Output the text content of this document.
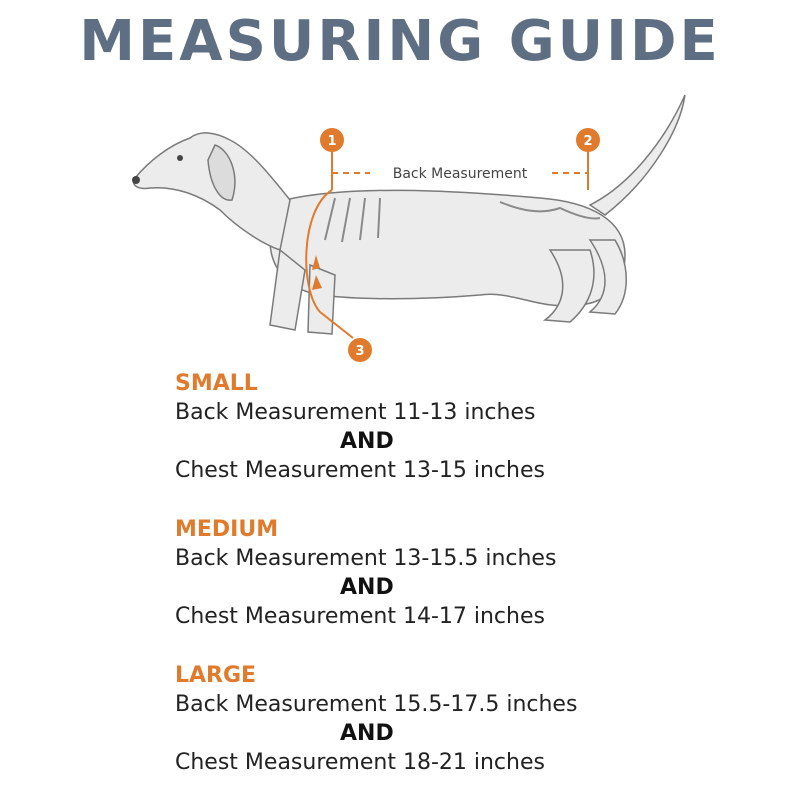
MEASURING GUIDE
Back Measurement
1	2
3
SMALL
Back Measurement 11-13 inches
AND
Chest Measurement 13-15 inches
MEDIUM
Back Measurement 13-15.5 inches
AND
Chest Measurement 14-17 inches
LARGE
Back Measurement 15.5-17.5 inches
AND
Chest Measurement 18-21 inches
